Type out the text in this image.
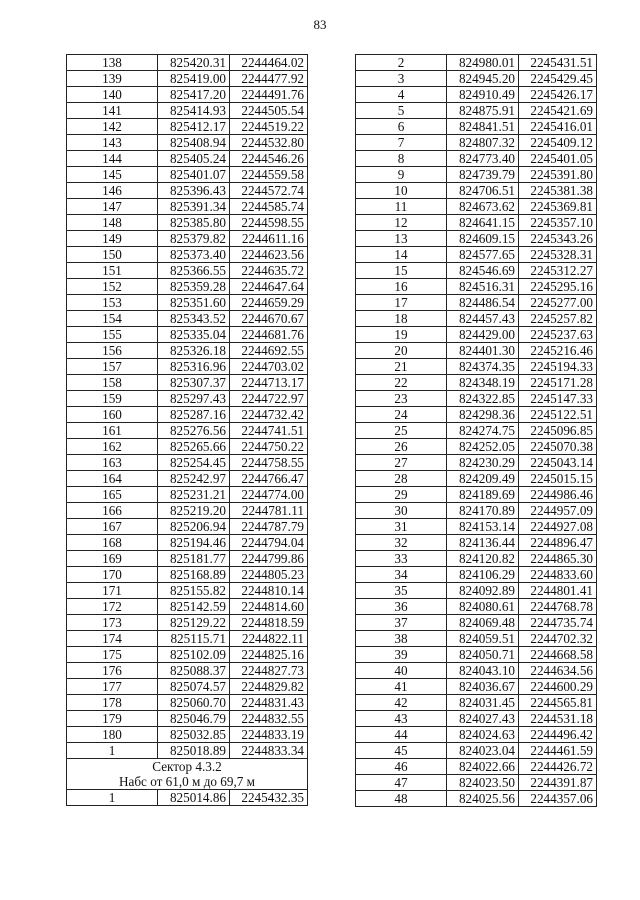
83
138	825420.31	2244464.02
139	825419.00	2244477.92
140	825417.20	2244491.76
141	825414.93	2244505.54
142	825412.17	2244519.22
143	825408.94	2244532.80
144	825405.24	2244546.26
145	825401.07	2244559.58
146	825396.43	2244572.74
147	825391.34	2244585.74
148	825385.80	2244598.55
149	825379.82	2244611.16
150	825373.40	2244623.56
151	825366.55	2244635.72
152	825359.28	2244647.64
153	825351.60	2244659.29
154	825343.52	2244670.67
155	825335.04	2244681.76
156	825326.18	2244692.55
157	825316.96	2244703.02
158	825307.37	2244713.17
159	825297.43	2244722.97
160	825287.16	2244732.42
161	825276.56	2244741.51
162	825265.66	2244750.22
163	825254.45	2244758.55
164	825242.97	2244766.47
165	825231.21	2244774.00
166	825219.20	2244781.11
167	825206.94	2244787.79
168	825194.46	2244794.04
169	825181.77	2244799.86
170	825168.89	2244805.23
171	825155.82	2244810.14
172	825142.59	2244814.60
173	825129.22	2244818.59
174	825115.71	2244822.11
175	825102.09	2244825.16
176	825088.37	2244827.73
177	825074.57	2244829.82
178	825060.70	2244831.43
179	825046.79	2244832.55
180	825032.85	2244833.19
1	825018.89	2244833.34
Сектор 4.3.2		
Набс от 61,0 м до 69,7 м		
1	825014.86	2245432.35
2	824980.01	2245431.51
3	824945.20	2245429.45
4	824910.49	2245426.17
5	824875.91	2245421.69
6	824841.51	2245416.01
7	824807.32	2245409.12
8	824773.40	2245401.05
9	824739.79	2245391.80
10	824706.51	2245381.38
11	824673.62	2245369.81
12	824641.15	2245357.10
13	824609.15	2245343.26
14	824577.65	2245328.31
15	824546.69	2245312.27
16	824516.31	2245295.16
17	824486.54	2245277.00
18	824457.43	2245257.82
19	824429.00	2245237.63
20	824401.30	2245216.46
21	824374.35	2245194.33
22	824348.19	2245171.28
23	824322.85	2245147.33
24	824298.36	2245122.51
25	824274.75	2245096.85
26	824252.05	2245070.38
27	824230.29	2245043.14
28	824209.49	2245015.15
29	824189.69	2244986.46
30	824170.89	2244957.09
31	824153.14	2244927.08
32	824136.44	2244896.47
33	824120.82	2244865.30
34	824106.29	2244833.60
35	824092.89	2244801.41
36	824080.61	2244768.78
37	824069.48	2244735.74
38	824059.51	2244702.32
39	824050.71	2244668.58
40	824043.10	2244634.56
41	824036.67	2244600.29
42	824031.45	2244565.81
43	824027.43	2244531.18
44	824024.63	2244496.42
45	824023.04	2244461.59
46	824022.66	2244426.72
47	824023.50	2244391.87
48	824025.56	2244357.06
